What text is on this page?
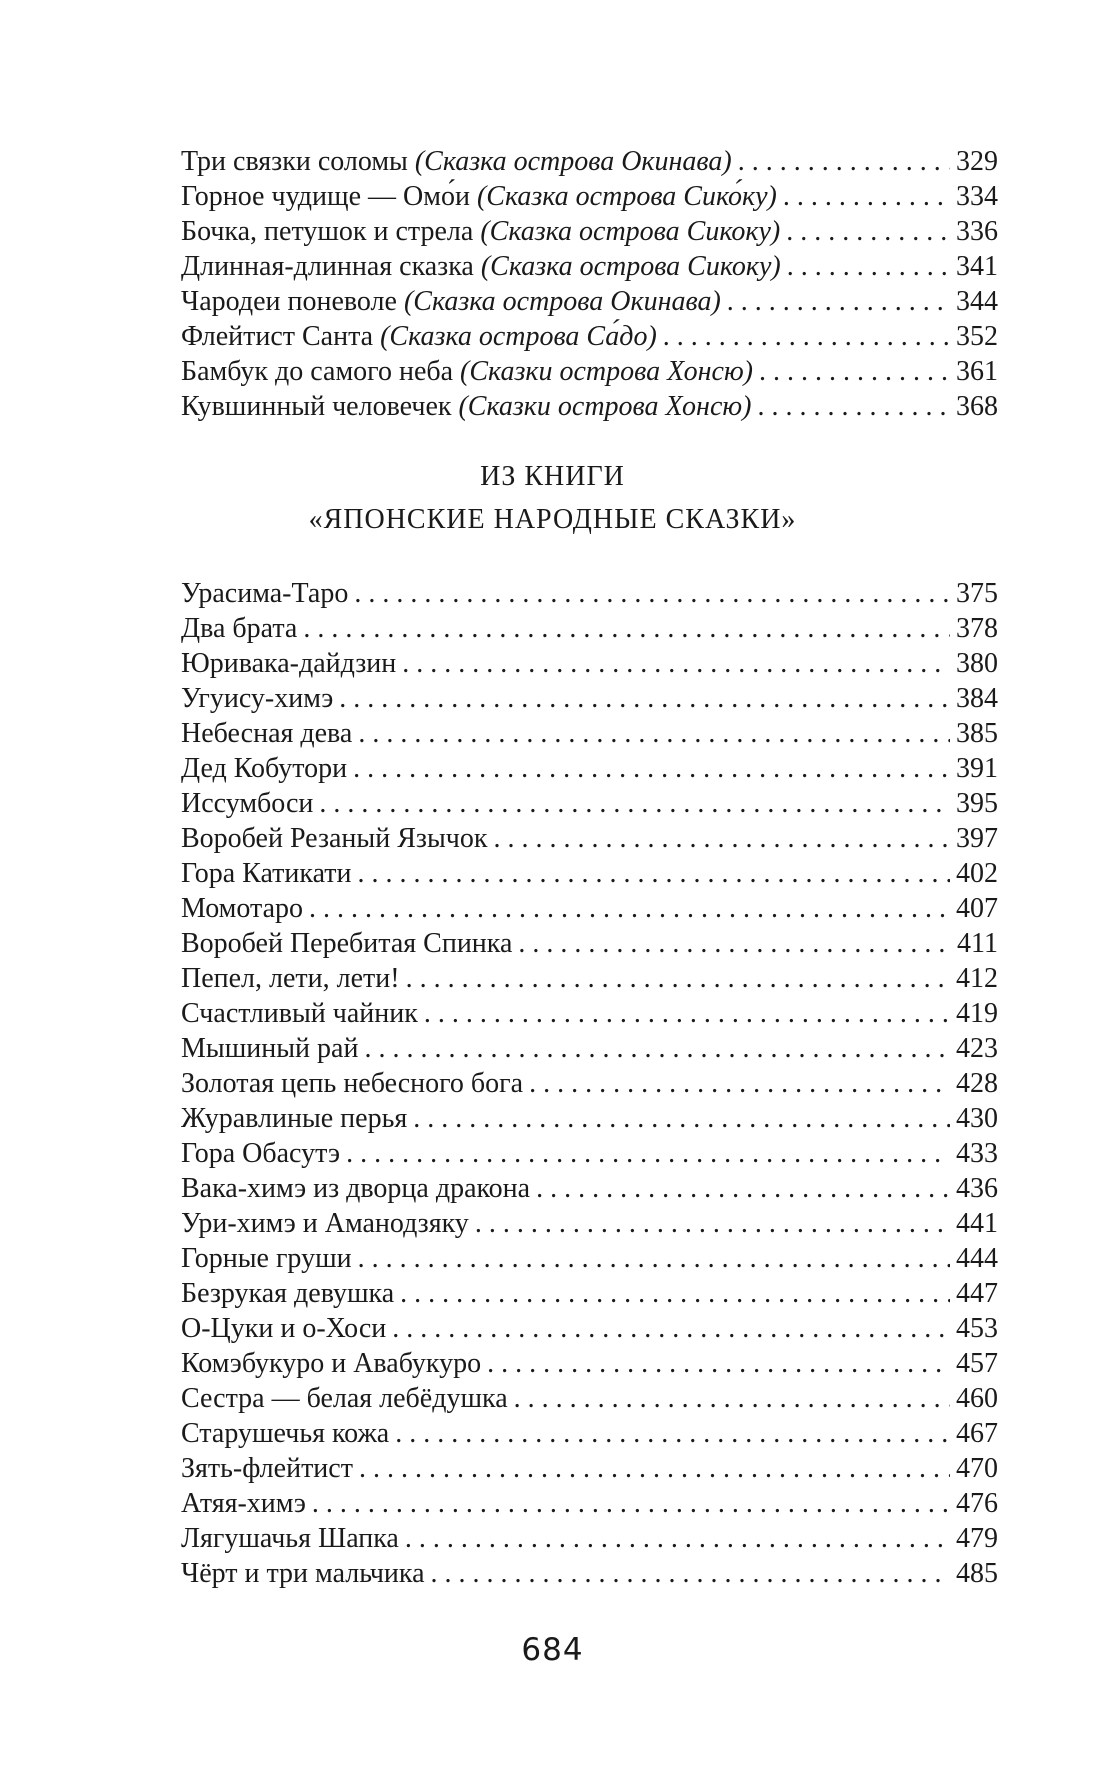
Три связки соломы (Сказка острова Окинава) . . .	329
Горное чудище — Омо́и (Сказка острова Сико́ку) . . .	334
Бочка, петушок и стрела (Сказка острова Сикоку) . . .	336
Длинная-длинная сказка (Сказка острова Сикоку) . . .	341
Чародеи поневоле (Сказка острова Окинава) . . .	344
Флейтист Санта (Сказка острова Са́до) . . .	352
Бамбук до самого неба (Сказки острова Хонсю) . . .	361
Кувшинный человечек (Сказки острова Хонсю) . . .	368
ИЗ КНИГИ
«ЯПОНСКИЕ НАРОДНЫЕ СКАЗКИ»
Урасима-Таро . . .	375
Два брата . . .	378
Юривака-дайдзин . . .	380
Угуису-химэ . . .	384
Небесная дева . . .	385
Дед Кобутори . . .	391
Иссумбоси . . .	395
Воробей Резаный Язычок . . .	397
Гора Катикати . . .	402
Момотаро . . .	407
Воробей Перебитая Спинка . . .	411
Пепел, лети, лети! . . .	412
Счастливый чайник . . .	419
Мышиный рай . . .	423
Золотая цепь небесного бога . . .	428
Журавлиные перья . . .	430
Гора Обасутэ . . .	433
Вака-химэ из дворца дракона . . .	436
Ури-химэ и Аманодзяку . . .	441
Горные груши . . .	444
Безрукая девушка . . .	447
О-Цуки и о-Хоси . . .	453
Комэбукуро и Авабукуро . . .	457
Сестра — белая лебёдушка . . .	460
Старушечья кожа . . .	467
Зять-флейтист . . .	470
Атяя-химэ . . .	476
Лягушачья Шапка . . .	479
Чёрт и три мальчика . . .	485
684
